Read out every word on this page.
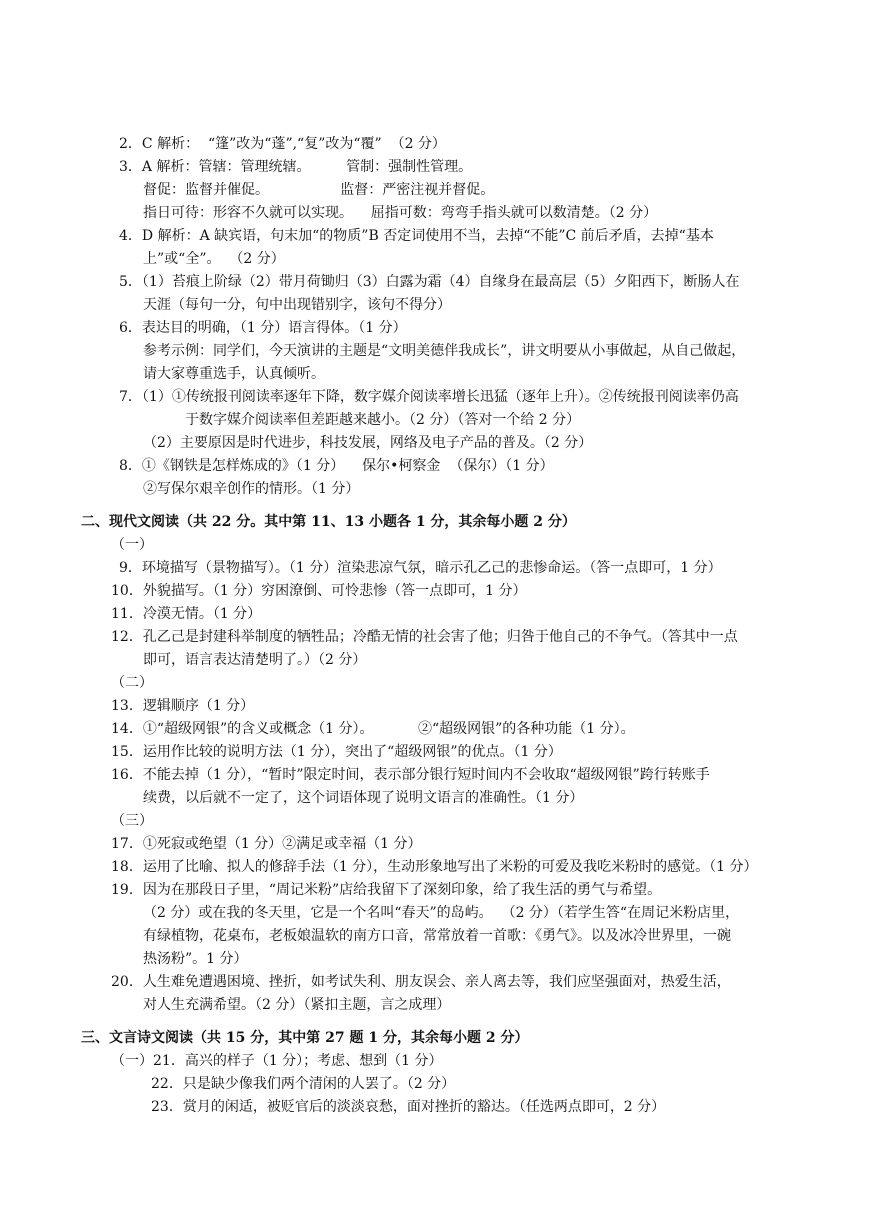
2．C 解析：  “篷”改为“蓬”,“复”改为“覆”  （2 分）
3．A 解析：管辖：管理统辖。        管制：强制性管理。
督促：监督并催促。                监督：严密注视并督促。
指日可待：形容不久就可以实现。    屈指可数：弯弯手指头就可以数清楚。（2 分）
4．D 解析：A 缺宾语，句末加“的物质”B 否定词使用不当，去掉“不能”C 前后矛盾，去掉“基本
上”或“全”。  （2 分）
5．（1）苔痕上阶绿（2）带月荷锄归（3）白露为霜（4）自缘身在最高层（5）夕阳西下，断肠人在
天涯（每句一分，句中出现错别字，该句不得分）
6．表达目的明确，（1 分）语言得体。（1 分）
参考示例：同学们，今天演讲的主题是“文明美德伴我成长”，讲文明要从小事做起，从自己做起，
请大家尊重选手，认真倾听。
7．（1）①传统报刊阅读率逐年下降，数字媒介阅读率增长迅猛（逐年上升）。②传统报刊阅读率仍高
于数字媒介阅读率但差距越来越小。（2 分）（答对一个给 2 分）
（2）主要原因是时代进步，科技发展，网络及电子产品的普及。（2 分）
8．①《钢铁是怎样炼成的》（1 分）    保尔•柯察金  （保尔）（1 分）
②写保尔艰辛创作的情形。（1 分）
二、现代文阅读（共 22 分。其中第 11、13 小题各 1 分，其余每小题 2 分）
（一）
9．环境描写（景物描写）。（1 分）渲染悲凉气氛，暗示孔乙己的悲惨命运。（答一点即可，1 分）
10．外貌描写。（1 分）穷困潦倒、可怜悲惨（答一点即可，1 分）
11．冷漠无情。（1 分）
12．孔乙己是封建科举制度的牺牲品；冷酷无情的社会害了他；归咎于他自己的不争气。（答其中一点
即可，语言表达清楚明了。）（2 分）
（二）
13．逻辑顺序（1 分）
14．①“超级网银”的含义或概念（1 分）。          ②“超级网银”的各种功能（1 分）。
15．运用作比较的说明方法（1 分），突出了“超级网银”的优点。（1 分）
16．不能去掉（1 分），“暂时”限定时间，表示部分银行短时间内不会收取“超级网银”跨行转账手
续费，以后就不一定了，这个词语体现了说明文语言的准确性。（1 分）
（三）
17．①死寂或绝望（1 分）②满足或幸福（1 分）
18．运用了比喻、拟人的修辞手法（1 分），生动形象地写出了米粉的可爱及我吃米粉时的感觉。（1 分）
19．因为在那段日子里，“周记米粉”店给我留下了深刻印象，给了我生活的勇气与希望。
（2 分）或在我的冬天里，它是一个名叫“春天”的岛屿。  （2 分）（若学生答“在周记米粉店里，
有绿植物，花桌布，老板娘温软的南方口音，常常放着一首歌：《勇气》。以及冰冷世界里，一碗
热汤粉”。1 分）
20．人生难免遭遇困境、挫折，如考试失利、朋友误会、亲人离去等，我们应坚强面对，热爱生活，
对人生充满希望。（2 分）（紧扣主题，言之成理）
三、文言诗文阅读（共 15 分，其中第 27 题 1 分，其余每小题 2 分）
（一）21．高兴的样子（1 分）；考虑、想到（1 分）
22．只是缺少像我们两个清闲的人罢了。（2 分）
23．赏月的闲适，被贬官后的淡淡哀愁，面对挫折的豁达。（任选两点即可，2 分）
